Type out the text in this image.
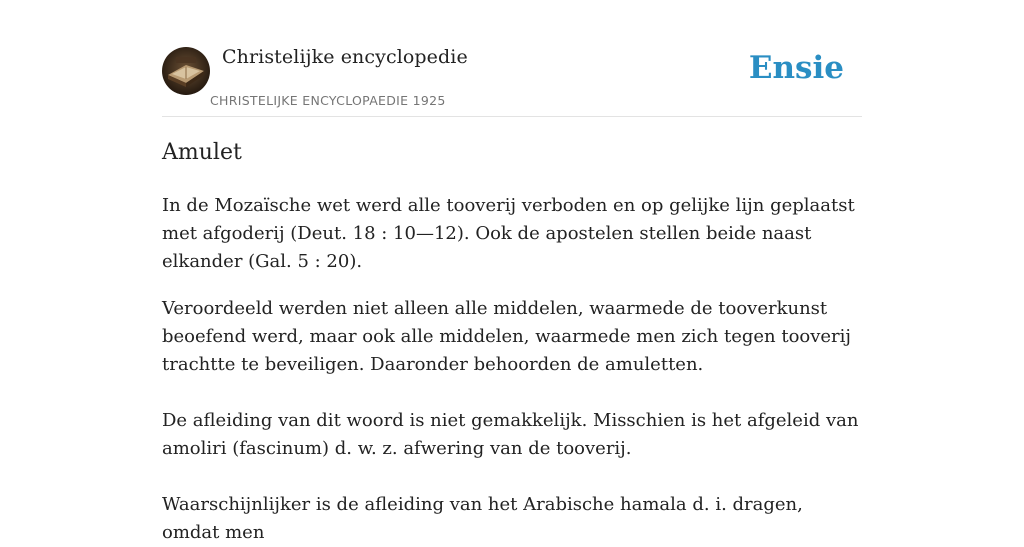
Christelijke encyclopedie
CHRISTELIJKE ENCYCLOPAEDIE 1925
Ensie
Amulet

In de Mozaïsche wet werd alle tooverij verboden en op gelijke lijn geplaatst met afgoderij (Deut. 18 : 10—12). Ook de apostelen stellen beide naast elkander (Gal. 5 : 20).

Veroordeeld werden niet alleen alle middelen, waarmede de tooverkunst beoefend werd, maar ook alle middelen, waarmede men zich tegen tooverij trachtte te beveiligen. Daaronder behoorden de amuletten.

De afleiding van dit woord is niet gemakkelijk. Misschien is het afgeleid van amoliri (fascinum) d. w. z. afwering van de tooverij.

Waarschijnlijker is de afleiding van het Arabische hamala d. i. dragen, omdat men
